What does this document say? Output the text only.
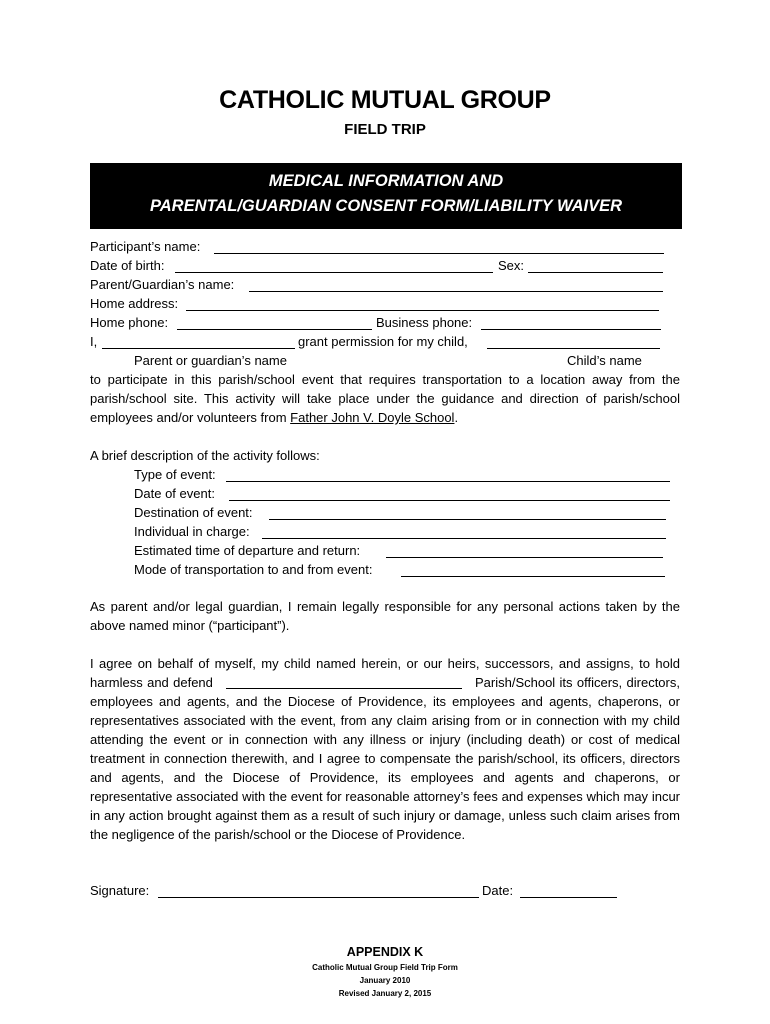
CATHOLIC MUTUAL GROUP
FIELD TRIP
MEDICAL INFORMATION AND
PARENTAL/GUARDIAN CONSENT FORM/LIABILITY WAIVER
Participant’s name:
Date of birth:	Sex:
Parent/Guardian’s name:
Home address:
Home phone:	Business phone:
I,	grant permission for my child,
Parent or guardian’s name	Child’s name
to participate in this parish/school event that requires transportation to a location away from the parish/school site. This activity will take place under the guidance and direction of parish/school employees and/or volunteers from Father John V. Doyle School.
A brief description of the activity follows:
Type of event:
Date of event:
Destination of event:
Individual in charge:
Estimated time of departure and return:
Mode of transportation to and from event:
As parent and/or legal guardian, I remain legally responsible for any personal actions taken by the above named minor (“participant”).
I agree on behalf of myself, my child named herein, or our heirs, successors, and assigns, to hold harmless and defend	Parish/School its officers, directors, employees and agents, and the Diocese of Providence, its employees and agents, chaperons, or representatives associated with the event, from any claim arising from or in connection with my child attending the event or in connection with any illness or injury (including death) or cost of medical treatment in connection therewith, and I agree to compensate the parish/school, its officers, directors and agents, and the Diocese of Providence, its employees and agents and chaperons, or representative associated with the event for reasonable attorney’s fees and expenses which may incur in any action brought against them as a result of such injury or damage, unless such claim arises from the negligence of the parish/school or the Diocese of Providence.
Signature:	Date:
APPENDIX K
Catholic Mutual Group Field Trip Form
January 2010
Revised January 2, 2015
